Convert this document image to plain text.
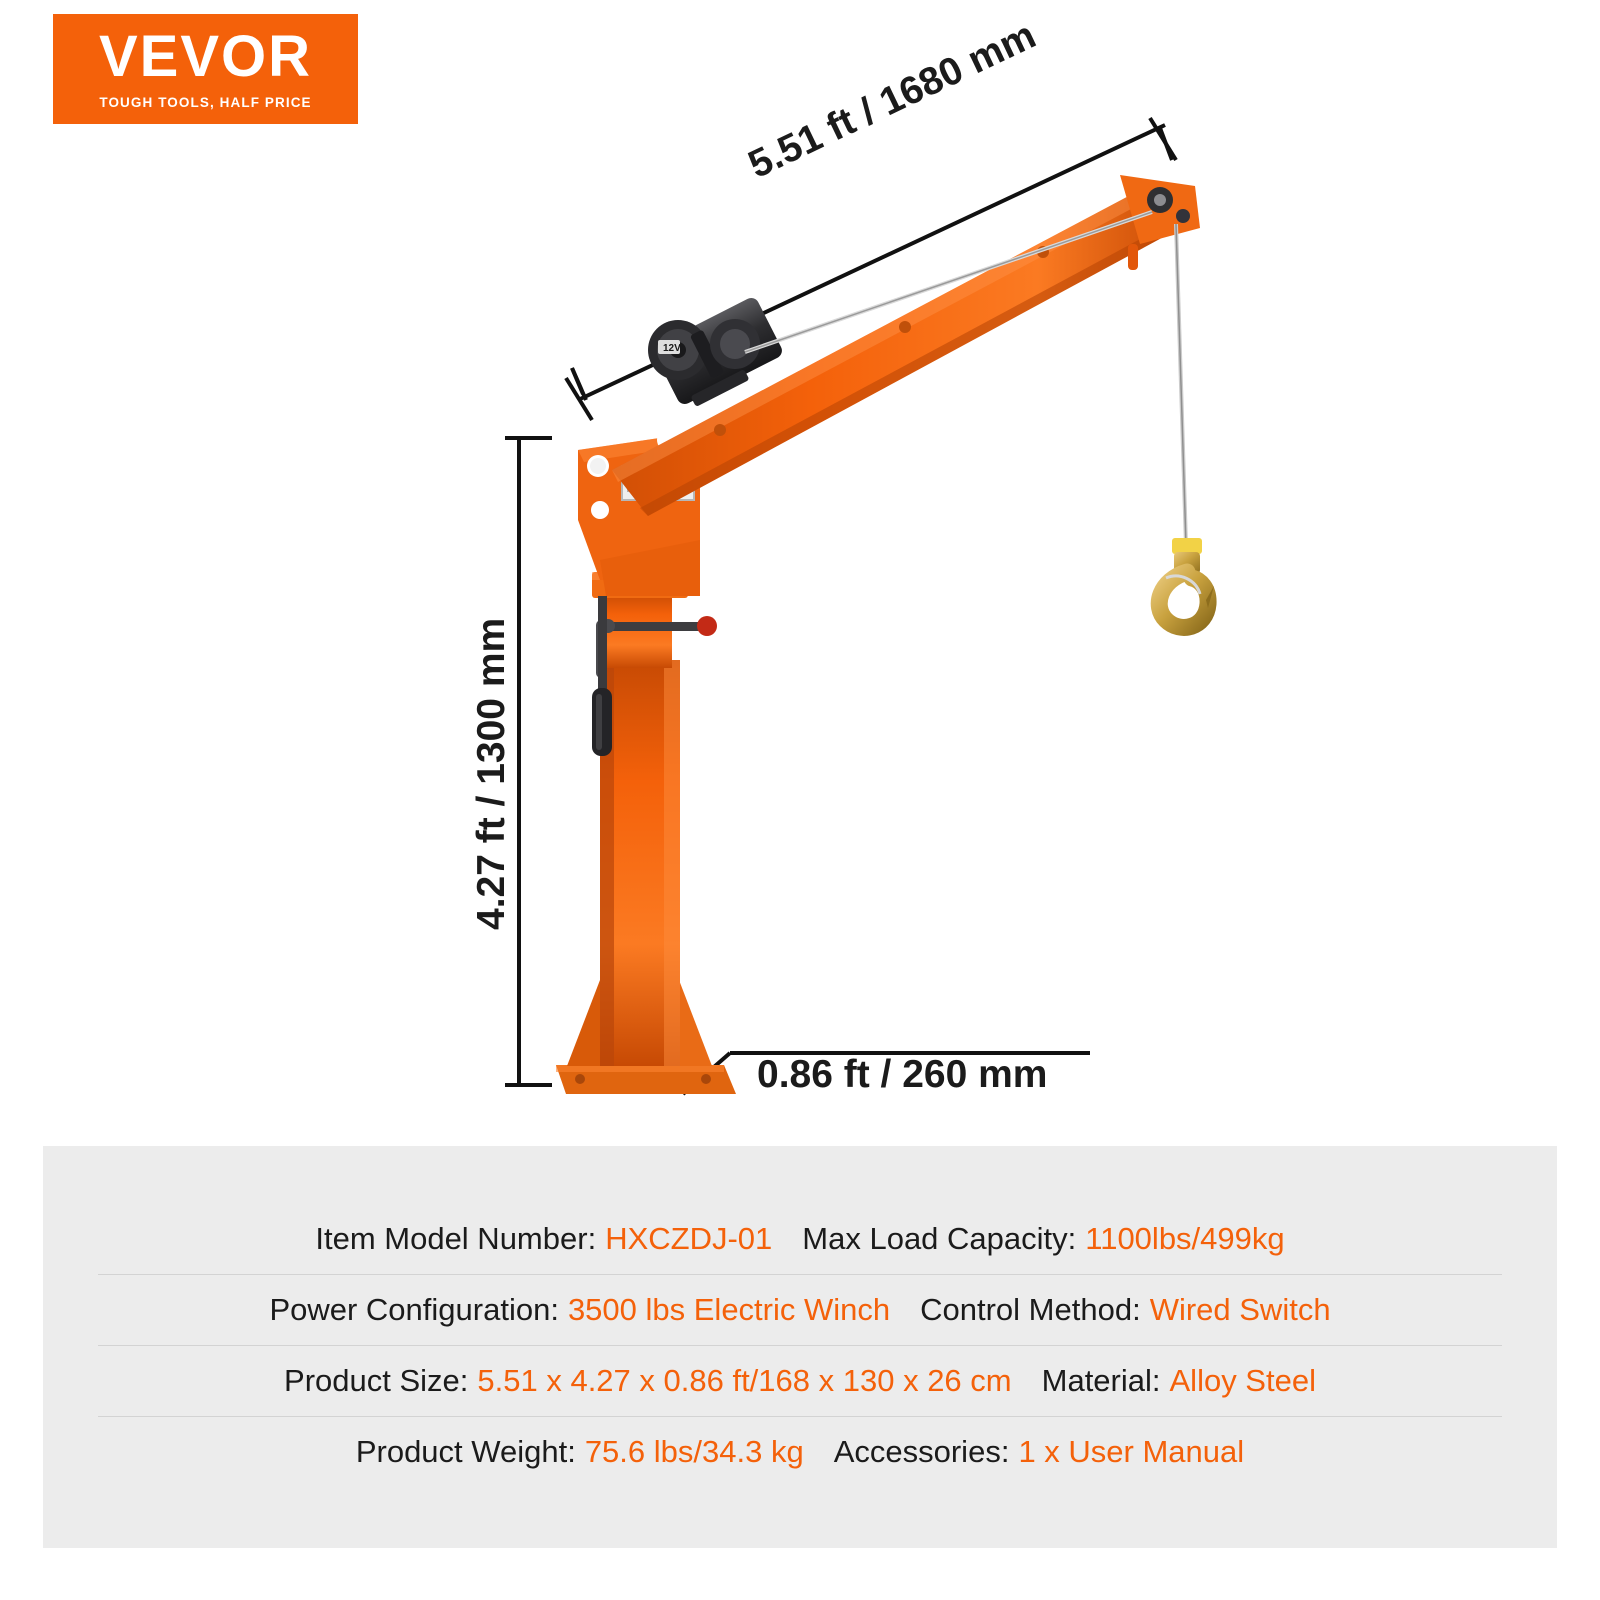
VEVOR
TOUGH TOOLS, HALF PRICE
12V
5.51 ft / 1680 mm
4.27 ft / 1300 mm
0.86 ft / 260 mm
Item Model Number: HXCZDJ-01 Max Load Capacity: 1100lbs/499kg
Power Configuration: 3500 lbs Electric Winch Control Method: Wired Switch
Product Size: 5.51 x 4.27 x 0.86 ft/168 x 130 x 26 cm Material: Alloy Steel
Product Weight: 75.6 lbs/34.3 kg Accessories: 1 x User Manual
